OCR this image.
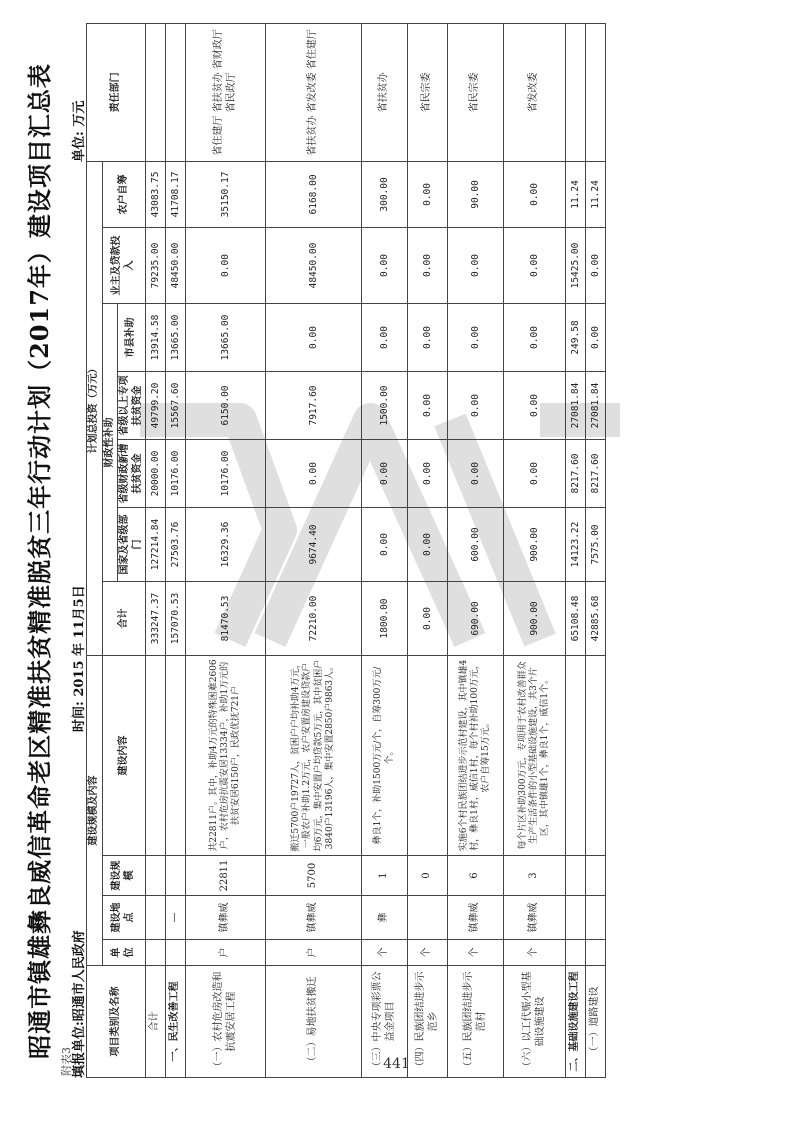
附表3
昭通市镇雄彝良威信革命老区精准扶贫精准脱贫三年行动计划（2017年）建设项目汇总表	填报单位:昭通市人民政府
时间: 2015 年 11月5日
单位: 万元
项目类别及名称	建设规模及内容				计划总投资（万元）							责任部门
	单位	建设地点	建设规模	建设内容	合计	财政性补助				业主及贷款投入	农户自筹	
						国家及省级部门	省级财政新增扶贫资金	省级以上专项扶贫资金	市县补助			
合计					333247.37	127214.84	20000.00	49799.20	13914.58	79235.00	43083.75	
一、民生改善工程		—			157070.53	27503.76	10176.00	15567.60	13665.00	48450.00	41708.17	
（一）农村危房改造和抗震安居工程	户	镇彝威	22811	共22811户。其中，补助4万元的特殊困难2606户，农村危房抗震安居13334户，补助1万元的扶贫安居6150户，民政优抚721户	81470.53	16329.36	10176.00	6150.00	13665.00	0.00	35150.17	省住建厅 省扶贫办 省财政厅 省民政厅
（二）易地扶贫搬迁	户	镇彝威	5700	搬迁5700户19727人，贫困户户均补助4万元，一般农户补助1.2万元，农户安置房建设贷款户均6万元，集中安置户均贷款5万元，其中贫困户3840户13196人，集中安置2850户9863人。	72210.00	9674.40	0.00	7917.60	0.00	48450.00	6168.00	省扶贫办 省发改委 省住建厅
（三）中央专项彩票公益金项目	个	彝	1	彝良1个，补助1500万元/个，自筹300万元/个。	1800.00	0.00	0.00	1500.00	0.00	0.00	300.00	省扶贫办
（四）民族团结进步示范乡	个		0		0.00	0.00	0.00	0.00	0.00	0.00	0.00	省民宗委
（五）民族团结进步示范村	个	镇彝威	6	实施6个村民族团结进步示范村建设，其中镇雄4村，彝良1村，威信1村，每个村补助100万元，农户自筹15万元。	690.00	600.00	0.00	0.00	0.00	0.00	90.00	省民宗委
（六）以工代赈小型基础设施建设	个	镇彝威	3	每个片区补助300万元，专项用于农村改善群众生产生活条件的小型基础设施建设，共3个片区，其中镇雄1个，彝良1个，威信1个。	900.00	900.00	0.00	0.00	0.00	0.00	0.00	省发改委
二、基础设施建设工程					65108.48	14123.22	8217.60	27081.84	249.58	15425.00	11.24	
（一）道路建设					42885.68	7575.00	8217.60	27081.84	0.00	0.00	11.24	
441
